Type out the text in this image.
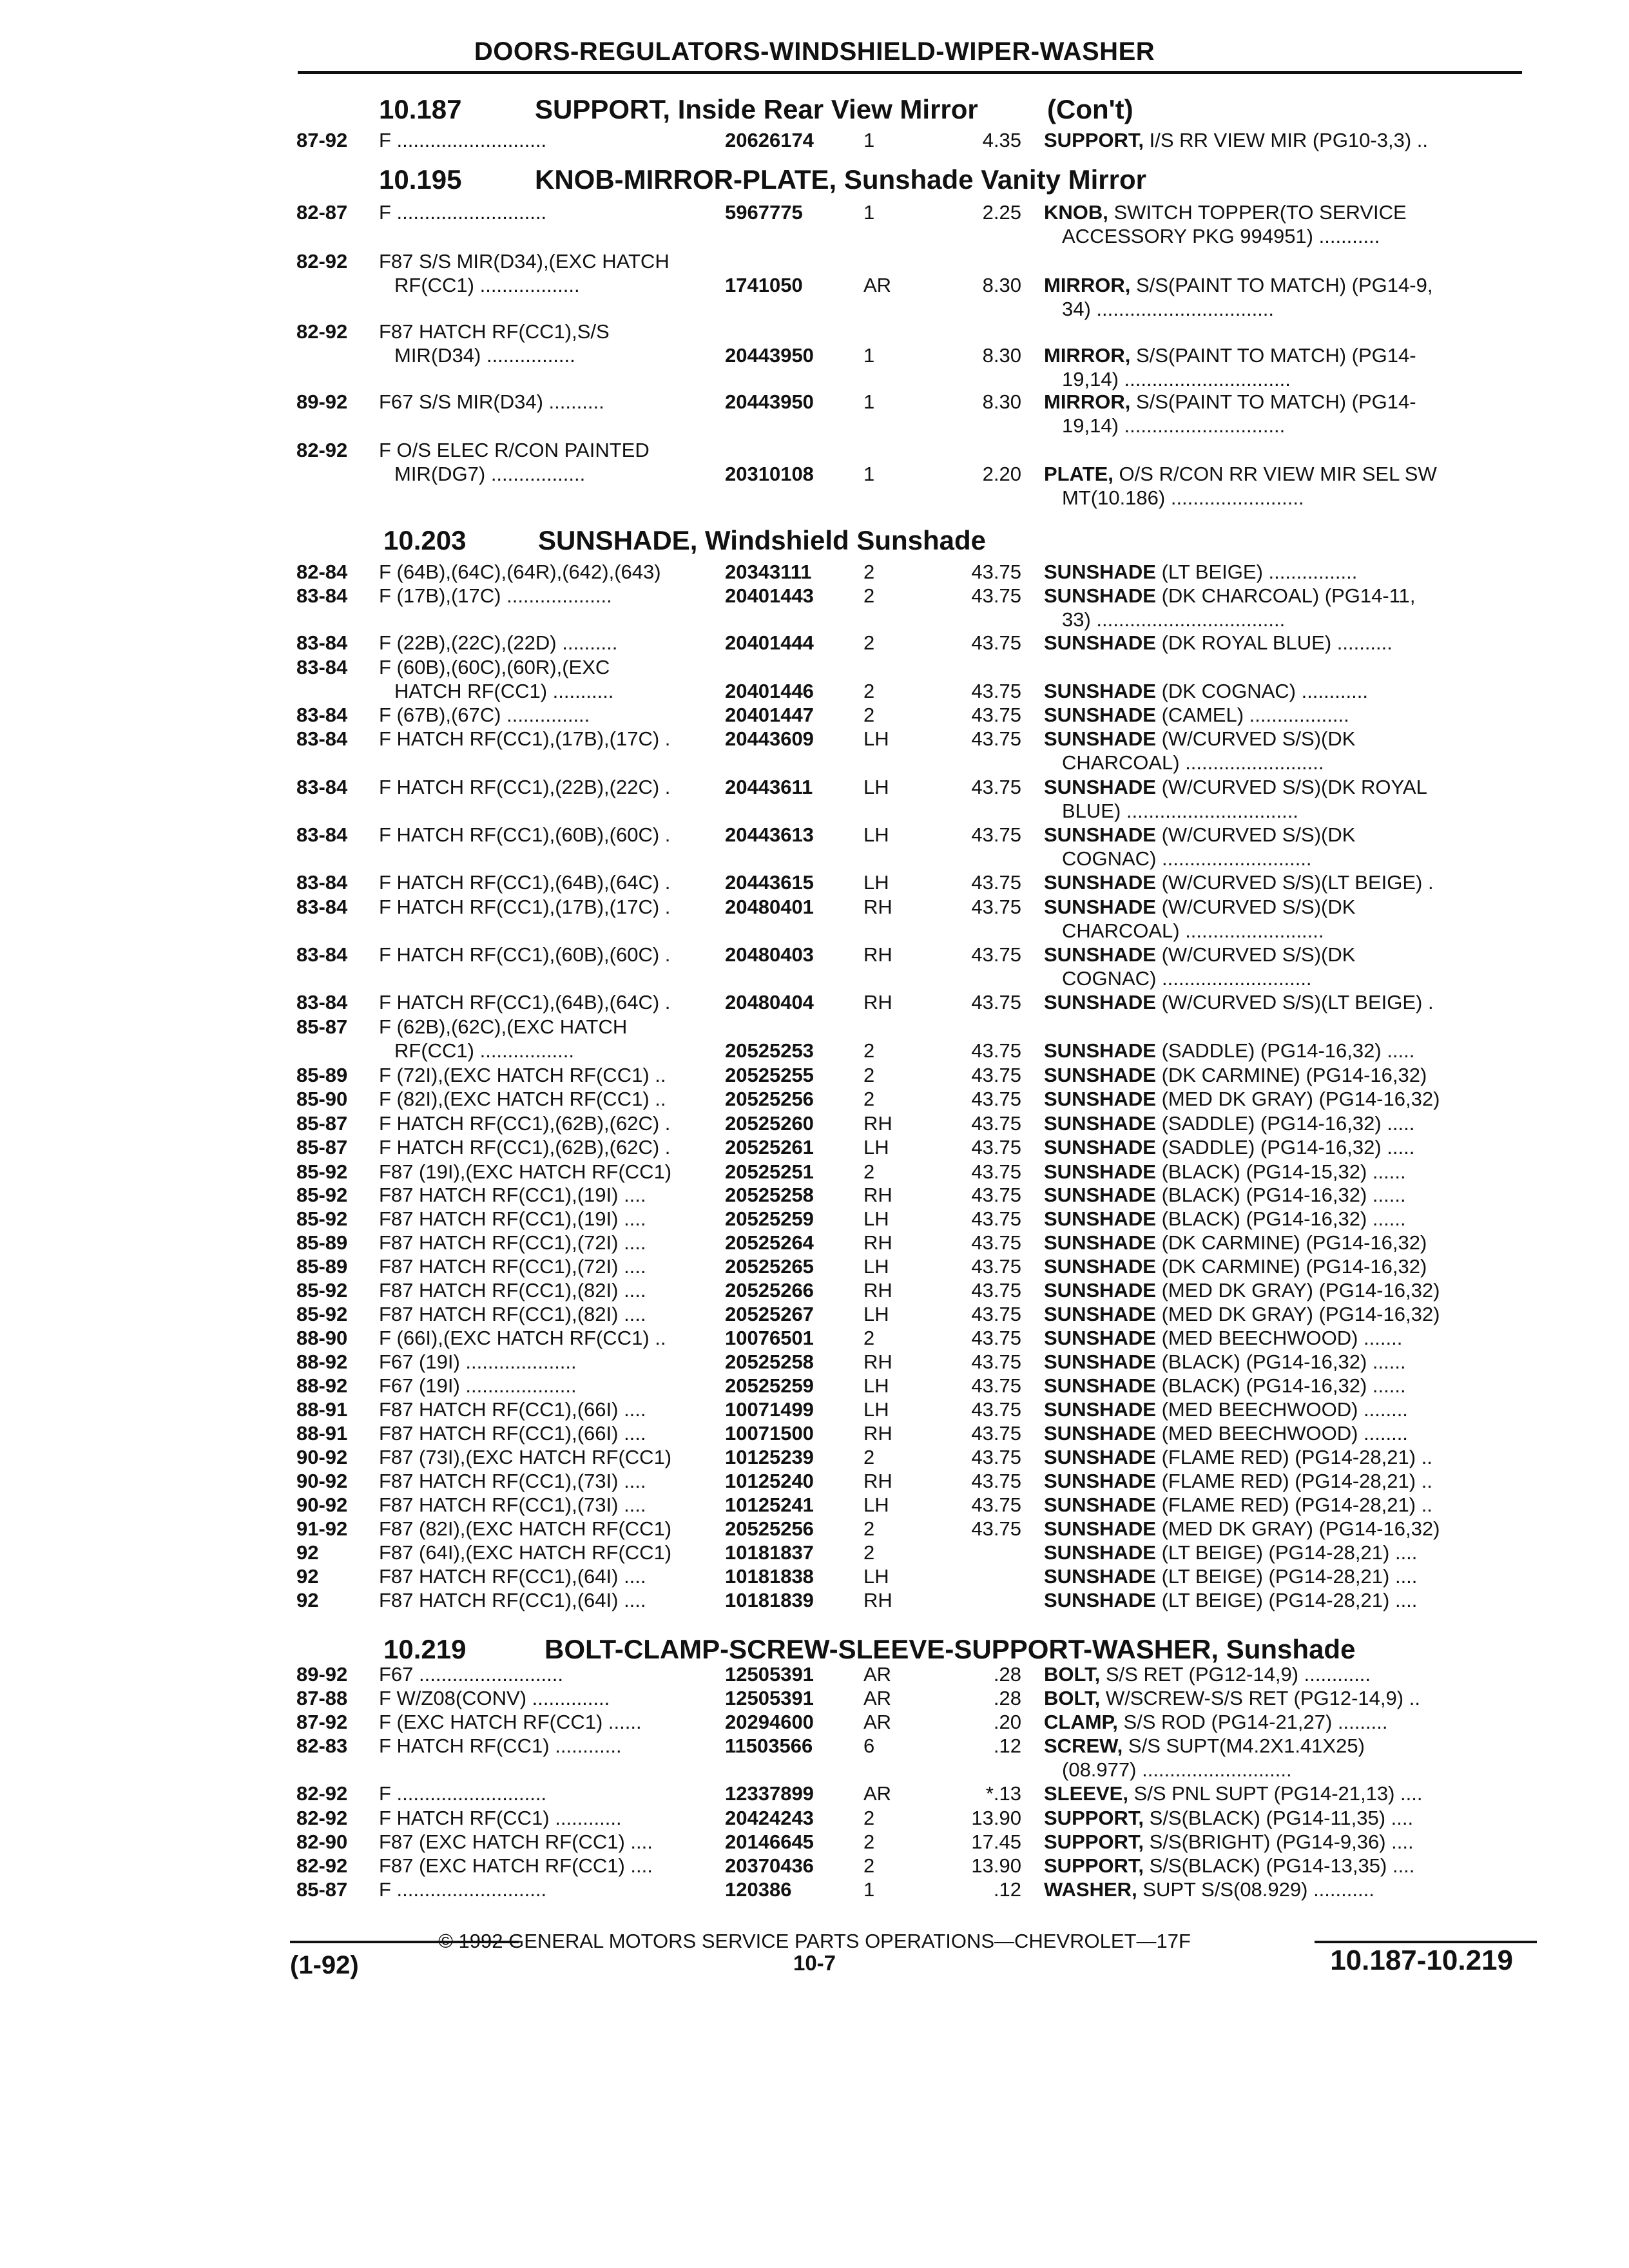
DOORS-REGULATORS-WINDSHIELD-WIPER-WASHER
10.187	SUPPORT, Inside Rear View Mirror	(Con't)
87-92	F ...........................	20626174	1	4.35 SUPPORT, I/S RR VIEW MIR (PG10-3,3) ..
10.195	KNOB-MIRROR-PLATE, Sunshade Vanity Mirror
82-87	F ...........................	5967775	1	2.25 KNOB, SWITCH TOPPER(TO SERVICE
ACCESSORY PKG 994951) ...........
82-92	F87 S/S MIR(D34),(EXC HATCH
RF(CC1) ..................	1741050	AR	8.30 MIRROR, S/S(PAINT TO MATCH) (PG14-9,
34) ................................
82-92	F87 HATCH RF(CC1),S/S
MIR(D34) ................	20443950	1	8.30 MIRROR, S/S(PAINT TO MATCH) (PG14-
19,14) ..............................
89-92	F67 S/S MIR(D34) ..........	20443950	1	8.30 MIRROR, S/S(PAINT TO MATCH) (PG14-
19,14) .............................
82-92	F O/S ELEC R/CON PAINTED
MIR(DG7) .................	20310108	1	2.20 PLATE, O/S R/CON RR VIEW MIR SEL SW
MT(10.186) ........................
10.203	SUNSHADE, Windshield Sunshade
82-84	F (64B),(64C),(64R),(642),(643)	20343111	2	43.75 SUNSHADE (LT BEIGE) ................
83-84	F (17B),(17C) ...................	20401443	2	43.75 SUNSHADE (DK CHARCOAL) (PG14-11,
33) ..................................
83-84	F (22B),(22C),(22D) ..........	20401444	2	43.75 SUNSHADE (DK ROYAL BLUE) ..........
83-84	F (60B),(60C),(60R),(EXC
HATCH RF(CC1) ...........	20401446	2	43.75 SUNSHADE (DK COGNAC) ............
83-84	F (67B),(67C) ...............	20401447	2	43.75 SUNSHADE (CAMEL) ..................
83-84	F HATCH RF(CC1),(17B),(17C) .	20443609	LH	43.75 SUNSHADE (W/CURVED S/S)(DK
CHARCOAL) .........................
83-84	F HATCH RF(CC1),(22B),(22C) .	20443611	LH	43.75 SUNSHADE (W/CURVED S/S)(DK ROYAL
BLUE) ...............................
83-84	F HATCH RF(CC1),(60B),(60C) .	20443613	LH	43.75 SUNSHADE (W/CURVED S/S)(DK
COGNAC) ...........................
83-84	F HATCH RF(CC1),(64B),(64C) .	20443615	LH	43.75 SUNSHADE (W/CURVED S/S)(LT BEIGE) .
83-84	F HATCH RF(CC1),(17B),(17C) .	20480401	RH	43.75 SUNSHADE (W/CURVED S/S)(DK
CHARCOAL) .........................
83-84	F HATCH RF(CC1),(60B),(60C) .	20480403	RH	43.75 SUNSHADE (W/CURVED S/S)(DK
COGNAC) ...........................
83-84	F HATCH RF(CC1),(64B),(64C) .	20480404	RH	43.75 SUNSHADE (W/CURVED S/S)(LT BEIGE) .
85-87	F (62B),(62C),(EXC HATCH
RF(CC1) .................	20525253	2	43.75 SUNSHADE (SADDLE) (PG14-16,32) .....
85-89	F (72I),(EXC HATCH RF(CC1) ..	20525255	2	43.75 SUNSHADE (DK CARMINE) (PG14-16,32)
85-90	F (82I),(EXC HATCH RF(CC1) ..	20525256	2	43.75 SUNSHADE (MED DK GRAY) (PG14-16,32)
85-87	F HATCH RF(CC1),(62B),(62C) .	20525260	RH	43.75 SUNSHADE (SADDLE) (PG14-16,32) .....
85-87	F HATCH RF(CC1),(62B),(62C) .	20525261	LH	43.75 SUNSHADE (SADDLE) (PG14-16,32) .....
85-92	F87 (19I),(EXC HATCH RF(CC1)	20525251	2	43.75 SUNSHADE (BLACK) (PG14-15,32) ......
85-92	F87 HATCH RF(CC1),(19I) ....	20525258	RH	43.75 SUNSHADE (BLACK) (PG14-16,32) ......
85-92	F87 HATCH RF(CC1),(19I) ....	20525259	LH	43.75 SUNSHADE (BLACK) (PG14-16,32) ......
85-89	F87 HATCH RF(CC1),(72I) ....	20525264	RH	43.75 SUNSHADE (DK CARMINE) (PG14-16,32)
85-89	F87 HATCH RF(CC1),(72I) ....	20525265	LH	43.75 SUNSHADE (DK CARMINE) (PG14-16,32)
85-92	F87 HATCH RF(CC1),(82I) ....	20525266	RH	43.75 SUNSHADE (MED DK GRAY) (PG14-16,32)
85-92	F87 HATCH RF(CC1),(82I) ....	20525267	LH	43.75 SUNSHADE (MED DK GRAY) (PG14-16,32)
88-90	F (66I),(EXC HATCH RF(CC1) ..	10076501	2	43.75 SUNSHADE (MED BEECHWOOD) .......
88-92	F67 (19I) ....................	20525258	RH	43.75 SUNSHADE (BLACK) (PG14-16,32) ......
88-92	F67 (19I) ....................	20525259	LH	43.75 SUNSHADE (BLACK) (PG14-16,32) ......
88-91	F87 HATCH RF(CC1),(66I) ....	10071499	LH	43.75 SUNSHADE (MED BEECHWOOD) ........
88-91	F87 HATCH RF(CC1),(66I) ....	10071500	RH	43.75 SUNSHADE (MED BEECHWOOD) ........
90-92	F87 (73I),(EXC HATCH RF(CC1)	10125239	2	43.75 SUNSHADE (FLAME RED) (PG14-28,21) ..
90-92	F87 HATCH RF(CC1),(73I) ....	10125240	RH	43.75 SUNSHADE (FLAME RED) (PG14-28,21) ..
90-92	F87 HATCH RF(CC1),(73I) ....	10125241	LH	43.75 SUNSHADE (FLAME RED) (PG14-28,21) ..
91-92	F87 (82I),(EXC HATCH RF(CC1)	20525256	2	43.75 SUNSHADE (MED DK GRAY) (PG14-16,32)
92	F87 (64I),(EXC HATCH RF(CC1)	10181837	2	SUNSHADE (LT BEIGE) (PG14-28,21) ....
92	F87 HATCH RF(CC1),(64I) ....	10181838	LH	SUNSHADE (LT BEIGE) (PG14-28,21) ....
92	F87 HATCH RF(CC1),(64I) ....	10181839	RH	SUNSHADE (LT BEIGE) (PG14-28,21) ....
10.219	BOLT-CLAMP-SCREW-SLEEVE-SUPPORT-WASHER, Sunshade
89-92	F67 ..........................	12505391	AR	.28 BOLT, S/S RET (PG12-14,9) ............
87-88	F W/Z08(CONV) ..............	12505391	AR	.28 BOLT, W/SCREW-S/S RET (PG12-14,9) ..
87-92	F (EXC HATCH RF(CC1) ......	20294600	AR	.20 CLAMP, S/S ROD (PG14-21,27) .........
82-83	F HATCH RF(CC1) ............	11503566	6	.12 SCREW, S/S SUPT(M4.2X1.41X25)
(08.977) ...........................
82-92	F ...........................	12337899	AR	*.13 SLEEVE, S/S PNL SUPT (PG14-21,13) ....
82-92	F HATCH RF(CC1) ............	20424243	2	13.90 SUPPORT, S/S(BLACK) (PG14-11,35) ....
82-90	F87 (EXC HATCH RF(CC1) ....	20146645	2	17.45 SUPPORT, S/S(BRIGHT) (PG14-9,36) ....
82-92	F87 (EXC HATCH RF(CC1) ....	20370436	2	13.90 SUPPORT, S/S(BLACK) (PG14-13,35) ....
85-87	F ...........................	120386	1	.12 WASHER, SUPT S/S(08.929) ...........
© 1992 GENERAL MOTORS SERVICE PARTS OPERATIONS—CHEVROLET—17F
(1-92)	10-7	10.187-10.219
